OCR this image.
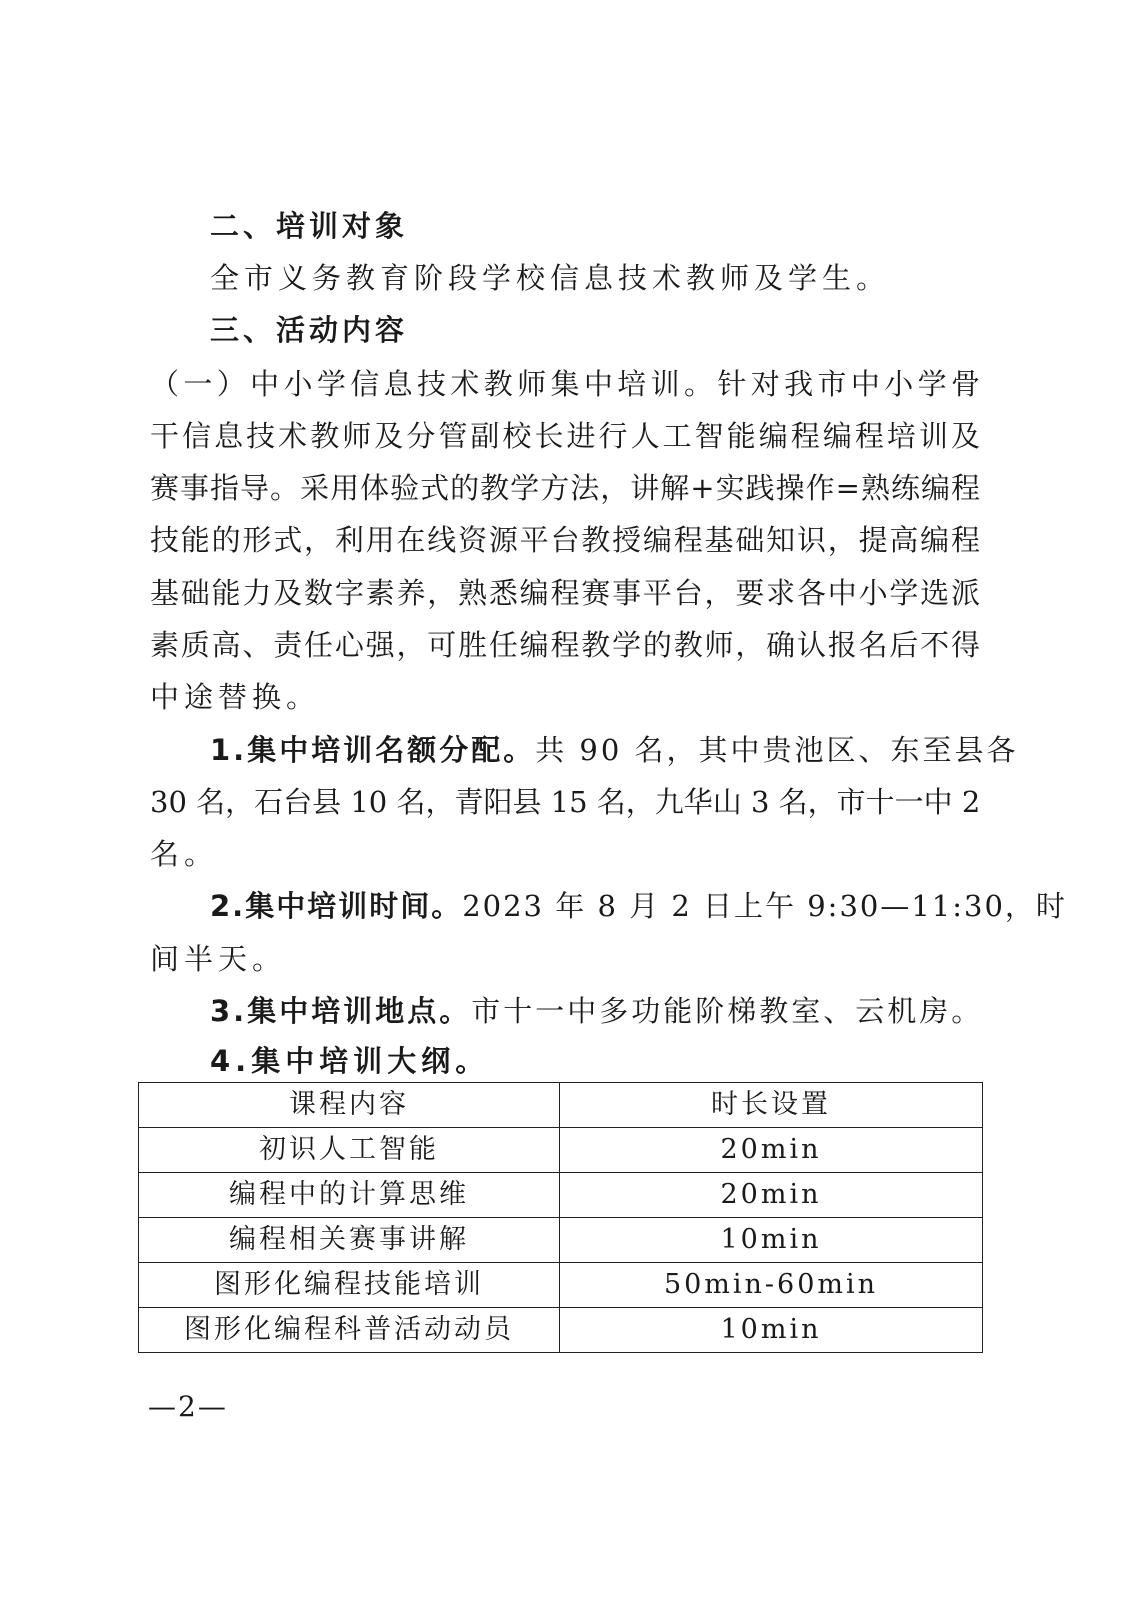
二、培训对象
全市义务教育阶段学校信息技术教师及学生。
三、活动内容
（一）中小学信息技术教师集中培训。针对我市中小学骨
干信息技术教师及分管副校长进行人工智能编程编程培训及
赛事指导。采用体验式的教学方法，讲解+实践操作=熟练编程
技能的形式，利用在线资源平台教授编程基础知识，提高编程
基础能力及数字素养，熟悉编程赛事平台，要求各中小学选派
素质高、责任心强，可胜任编程教学的教师，确认报名后不得
中途替换。
1.集中培训名额分配。共 90 名，其中贵池区、东至县各
30 名，石台县 10 名，青阳县 15 名，九华山 3 名，市十一中 2
名。
2.集中培训时间。2023 年 8 月 2 日上午 9:30—11:30，时
间半天。
3.集中培训地点。市十一中多功能阶梯教室、云机房。
4.集中培训大纲。
课程内容	时长设置
初识人工智能	20min
编程中的计算思维	20min
编程相关赛事讲解	10min
图形化编程技能培训	50min-60min
图形化编程科普活动动员	10min
—2—
